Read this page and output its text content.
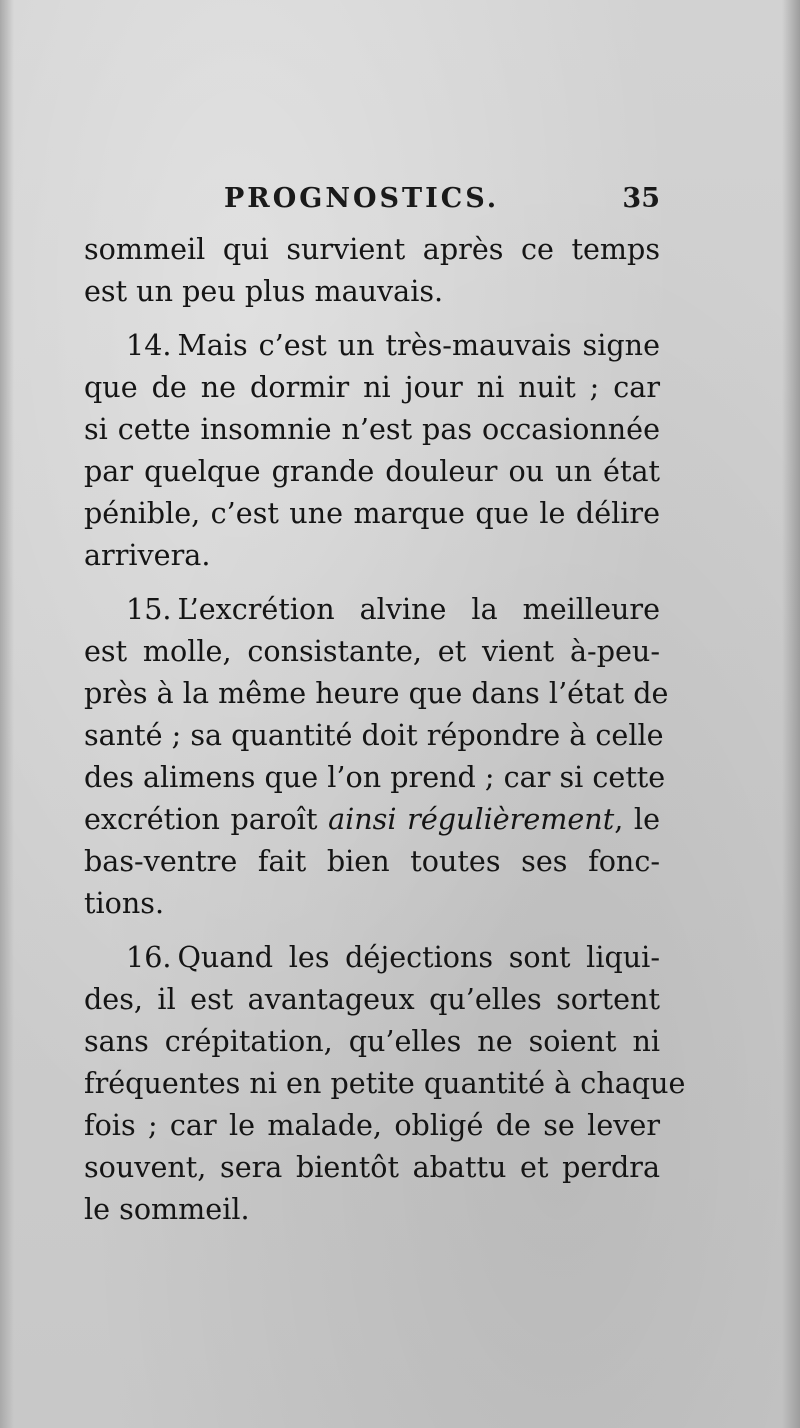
PROGNOSTICS.	35
sommeil qui survient après ce temps
est un peu plus mauvais.
14. Mais c’est un très-mauvais signe
que de ne dormir ni jour ni nuit ; car
si cette insomnie n’est pas occasionnée
par quelque grande douleur ou un état
pénible, c’est une marque que le délire
arrivera.
15. L’excrétion alvine la meilleure
est molle, consistante, et vient à-peu-
près à la même heure que dans l’état de
santé ; sa quantité doit répondre à celle
des alimens que l’on prend ; car si cette
excrétion paroît ainsi régulièrement, le
bas-ventre fait bien toutes ses fonc-
tions.
16. Quand les déjections sont liqui-
des, il est avantageux qu’elles sortent
sans crépitation, qu’elles ne soient ni
fréquentes ni en petite quantité à chaque
fois ; car le malade, obligé de se lever
souvent, sera bientôt abattu et perdra
le sommeil.
